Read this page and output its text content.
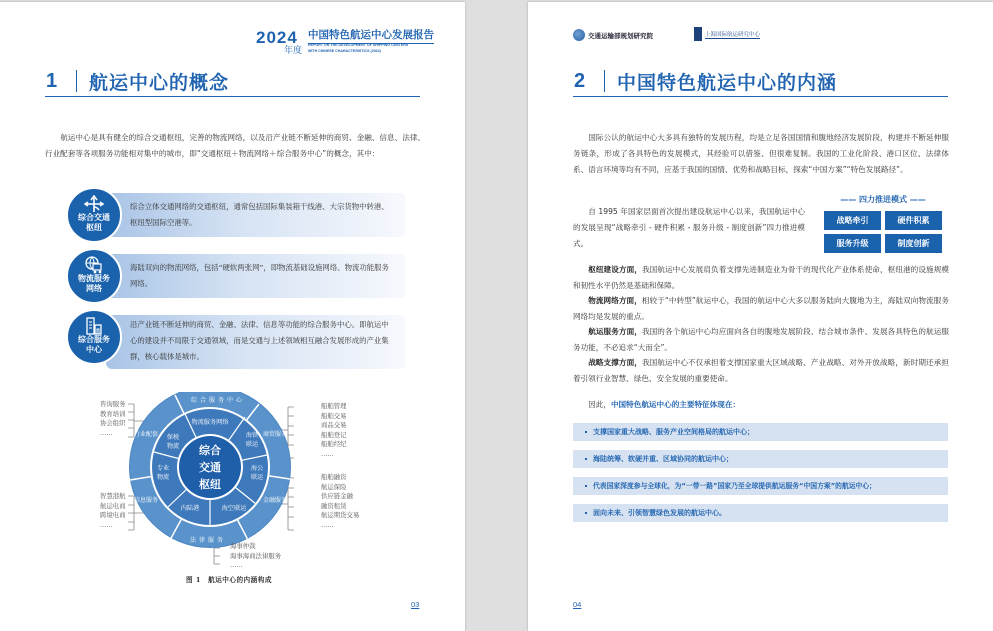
2024
年度
中国特色航运中心发展报告
REPORT ON THE DEVELOPMENT OF SHIPPING CENTERS
WITH CHINESE CHARACTERISTICS (2024)
1	航运中心的概念

航运中心是具有健全的综合交通枢纽，完善的物流网络，以及沿产业链不断延伸的商贸、金融、信息、法律、行业配套等各项服务功能相对集中的城市，即“交通枢纽＋物流网络＋综合服务中心”的概念，其中：

综合交通
枢纽
综合立体交通网络的交通枢纽，通常包括国际集装箱干线港、大宗货物中转港、枢纽型国际空港等。
物流服务
网络
海陆双向的物流网络，包括“硬软两张网”，即物流基础设施网络、物流功能服务网络。
综合服务
中心
沿产业链不断延伸的商贸、金融、法律、信息等功能的综合服务中心。即航运中心的建设并不局限于交通领域，而是交通与上述领域相互融合发展形成的产业集群，核心载体是城市。
综合
交通
枢纽
物流服务网络
海铁
联运
海公
联运
海空联运
内陆港
专业
物流
保税
物流
综合服务中心
商贸服务
金融服务
法律服务
信息服务
行业配套
咨询服务
教育培训
协会组织
……
智慧港航
航运电商
跨境电商
……
船舶管理
船舶交易
商品交易
船舶登记
船舶经纪
……
船舶融资
航运保险
供应链金融
融资租赁
航运期货交易
……
海事仲裁
海事海商法律服务
……
图 1　航运中心的内涵构成
03
交通运输部规划研究院	上海国际航运研究中心
2	中国特色航运中心的内涵

国际公认的航运中心大多具有独特的发展历程，均是立足各国国情和腹地经济发展阶段，构建并不断延伸服务链条，形成了各具特色的发展模式，其经验可以借鉴、但很难复制。我国的工业化阶段、港口区位、法律体系、语言环境等均有不同，应基于我国的国情、优势和战略目标，探索“中国方案”“特色发展路径”。

自 1995 年国家层面首次提出建设航运中心以来，我国航运中心的发展呈现“战略牵引 - 硬件积累 - 服务升级 - 制度创新”四力推进模式。

—— 四力推进模式 ——
战略牵引	硬件积累
服务升级	制度创新

枢纽建设方面，我国航运中心发展肩负着支撑先进制造业为骨干的现代化产业体系使命，枢纽港的设施规模和韧性水平仍然是基础和保障。

物流网络方面，相较于“中转型”航运中心，我国的航运中心大多以服务陆向大腹地为主，海陆双向物流服务网络均是发展的重点。

航运服务方面，我国的各个航运中心均应面向各自的腹地发展阶段、结合城市条件、发展各具特色的航运服务功能，不必追求“大而全”。

战略支撑方面，我国航运中心不仅承担着支撑国家重大区域战略、产业战略、对外开放战略，新时期还承担着引领行业智慧、绿色、安全发展的重要使命。

因此，中国特色航运中心的主要特征体现在：

支撑国家重大战略、服务产业空间格局的航运中心；
海陆统筹、软硬并重、区域协同的航运中心；
代表国家深度参与全球化，为“一带一路”国家乃至全球提供航运服务“中国方案”的航运中心；
面向未来、引领智慧绿色发展的航运中心。
04
